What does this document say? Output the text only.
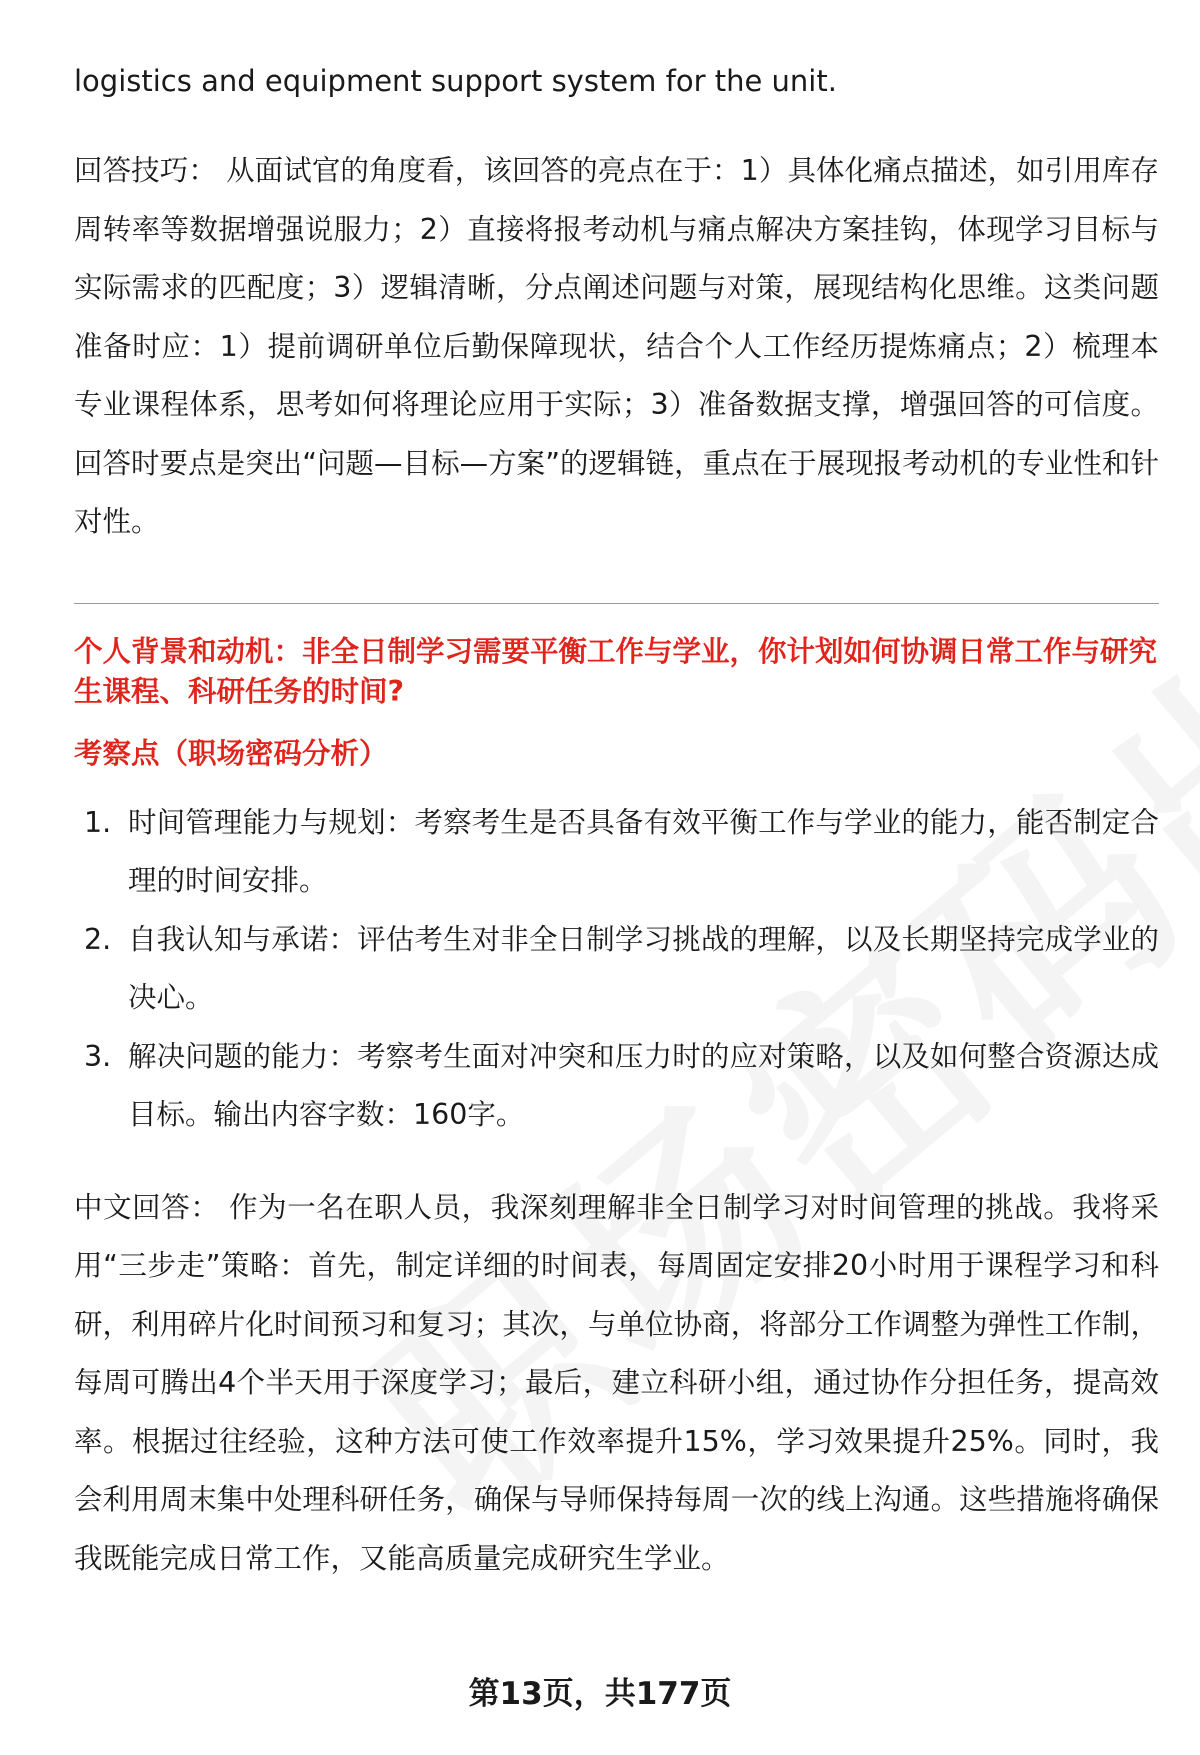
logistics and equipment support system for the unit.

回答技巧： 从面试官的角度看，该回答的亮点在于：1）具体化痛点描述，如引用库存周转率等数据增强说服力；2）直接将报考动机与痛点解决方案挂钩，体现学习目标与实际需求的匹配度；3）逻辑清晰，分点阐述问题与对策，展现结构化思维。这类问题准备时应：1）提前调研单位后勤保障现状，结合个人工作经历提炼痛点；2）梳理本专业课程体系，思考如何将理论应用于实际；3）准备数据支撑，增强回答的可信度。回答时要点是突出“问题—目标—方案”的逻辑链，重点在于展现报考动机的专业性和针对性。

个人背景和动机：非全日制学习需要平衡工作与学业，你计划如何协调日常工作与研究生课程、科研任务的时间?
考察点（职场密码分析）
1. 时间管理能力与规划：考察考生是否具备有效平衡工作与学业的能力，能否制定合理的时间安排。
2. 自我认知与承诺：评估考生对非全日制学习挑战的理解，以及长期坚持完成学业的决心。
3. 解决问题的能力：考察考生面对冲突和压力时的应对策略，以及如何整合资源达成目标。输出内容字数：160字。

中文回答： 作为一名在职人员，我深刻理解非全日制学习对时间管理的挑战。我将采用“三步走”策略：首先，制定详细的时间表，每周固定安排20小时用于课程学习和科研，利用碎片化时间预习和复习；其次，与单位协商，将部分工作调整为弹性工作制，每周可腾出4个半天用于深度学习；最后，建立科研小组，通过协作分担任务，提高效率。根据过往经验，这种方法可使工作效率提升15%，学习效果提升25%。同时，我会利用周末集中处理科研任务，确保与导师保持每周一次的线上沟通。这些措施将确保我既能完成日常工作，又能高质量完成研究生学业。

第13页，共177页
